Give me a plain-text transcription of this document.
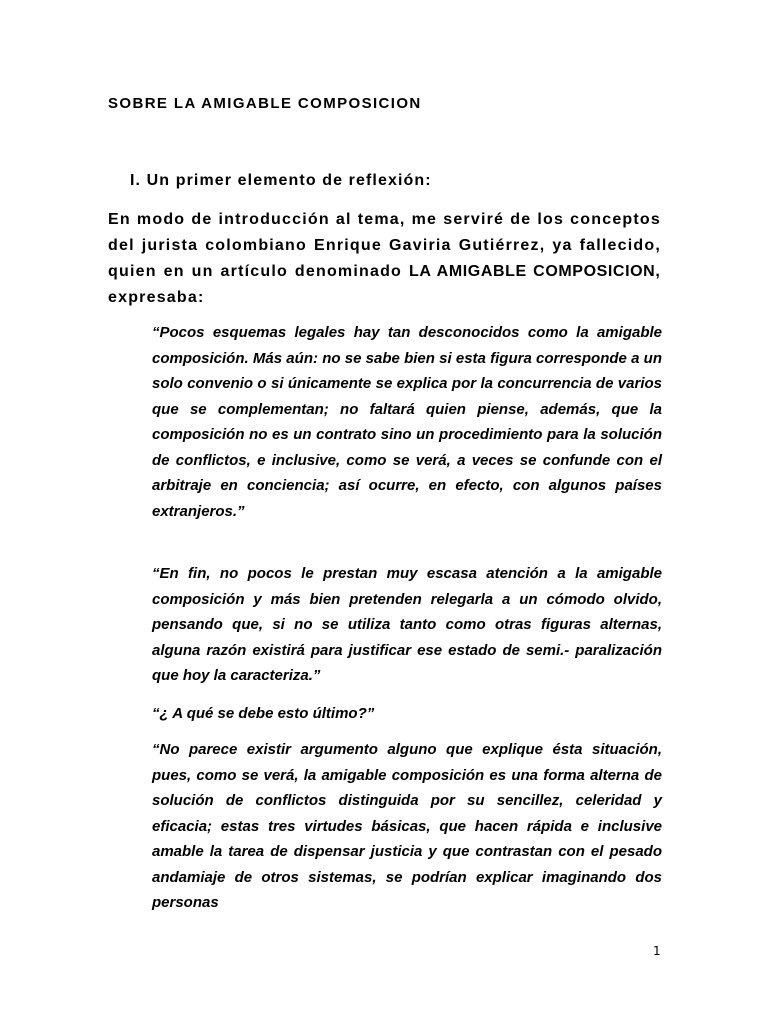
SOBRE LA AMIGABLE COMPOSICION

I. Un primer elemento de reflexión:

En modo de introducción al tema, me serviré de los conceptos del jurista colombiano Enrique Gaviria Gutiérrez, ya fallecido, quien en un artículo denominado LA AMIGABLE COMPOSICION, expresaba:

“Pocos esquemas legales hay tan desconocidos como la amigable composición. Más aún: no se sabe bien si esta figura corresponde a un solo convenio o si únicamente se explica por la concurrencia de varios que se complementan; no faltará quien piense, además, que la composición no es un contrato sino un procedimiento para la solución de conflictos, e inclusive, como se verá, a veces se confunde con el arbitraje en conciencia; así ocurre, en efecto, con algunos países extranjeros.”

“En fin, no pocos le prestan muy escasa atención a la amigable composición y más bien pretenden relegarla a un cómodo olvido, pensando que, si no se utiliza tanto como otras figuras alternas, alguna razón existirá para justificar ese estado de semi.- paralización que hoy la caracteriza.”

“¿ A qué se debe esto último?”

“No parece existir argumento alguno que explique ésta situación, pues, como se verá, la amigable composición es una forma alterna de solución de conflictos distinguida por su sencillez, celeridad y eficacia; estas tres virtudes básicas, que hacen rápida e inclusive amable la tarea de dispensar justicia y que contrastan con el pesado andamiaje de otros sistemas, se podrían explicar imaginando dos personas

1
